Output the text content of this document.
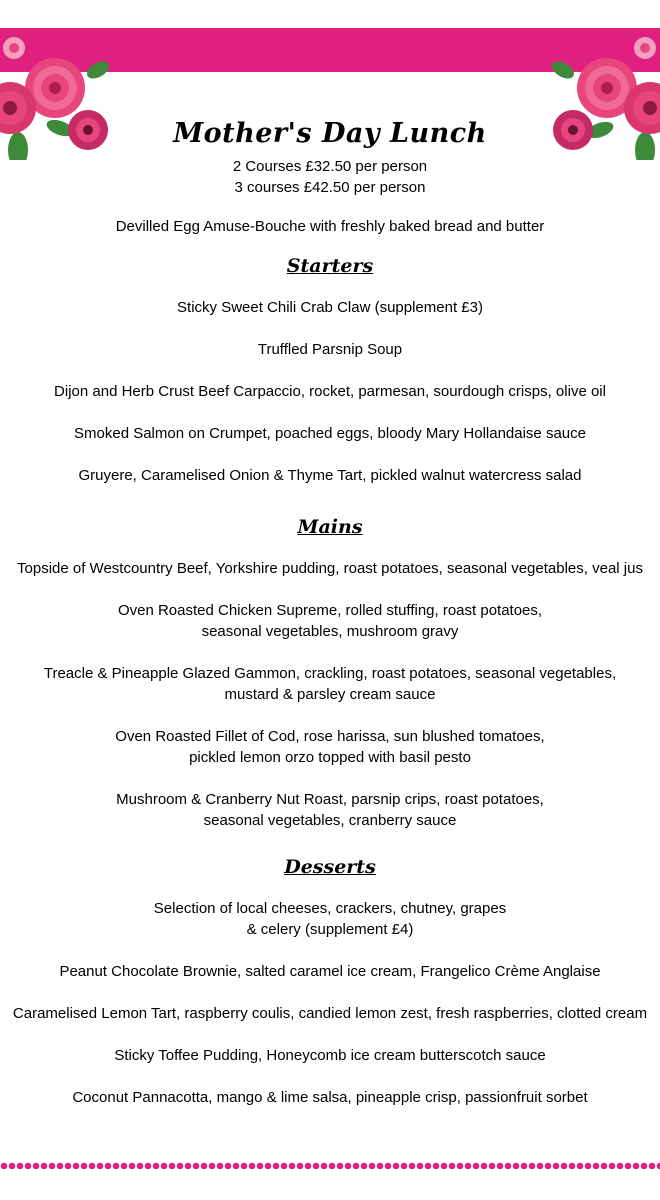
Mother's Day Lunch
2 Courses £32.50 per person
3 courses £42.50 per person
Devilled Egg Amuse-Bouche with freshly baked bread and butter
Starters
Sticky Sweet Chili Crab Claw (supplement £3)
Truffled Parsnip Soup
Dijon and Herb Crust Beef Carpaccio, rocket, parmesan, sourdough crisps, olive oil
Smoked Salmon on Crumpet, poached eggs, bloody Mary Hollandaise sauce
Gruyere, Caramelised Onion & Thyme Tart, pickled walnut watercress salad
Mains
Topside of Westcountry Beef, Yorkshire pudding, roast potatoes, seasonal vegetables, veal jus
Oven Roasted Chicken Supreme, rolled stuffing, roast potatoes,
seasonal vegetables, mushroom gravy
Treacle & Pineapple Glazed Gammon, crackling, roast potatoes, seasonal vegetables,
mustard & parsley cream sauce
Oven Roasted Fillet of Cod, rose harissa, sun blushed tomatoes,
pickled lemon orzo topped with basil pesto
Mushroom & Cranberry Nut Roast, parsnip crips, roast potatoes,
seasonal vegetables, cranberry sauce
Desserts
Selection of local cheeses, crackers, chutney, grapes
& celery (supplement £4)
Peanut Chocolate Brownie, salted caramel ice cream, Frangelico Crème Anglaise
Caramelised Lemon Tart, raspberry coulis, candied lemon zest, fresh raspberries, clotted cream
Sticky Toffee Pudding, Honeycomb ice cream butterscotch sauce
Coconut Pannacotta, mango & lime salsa, pineapple crisp, passionfruit sorbet
